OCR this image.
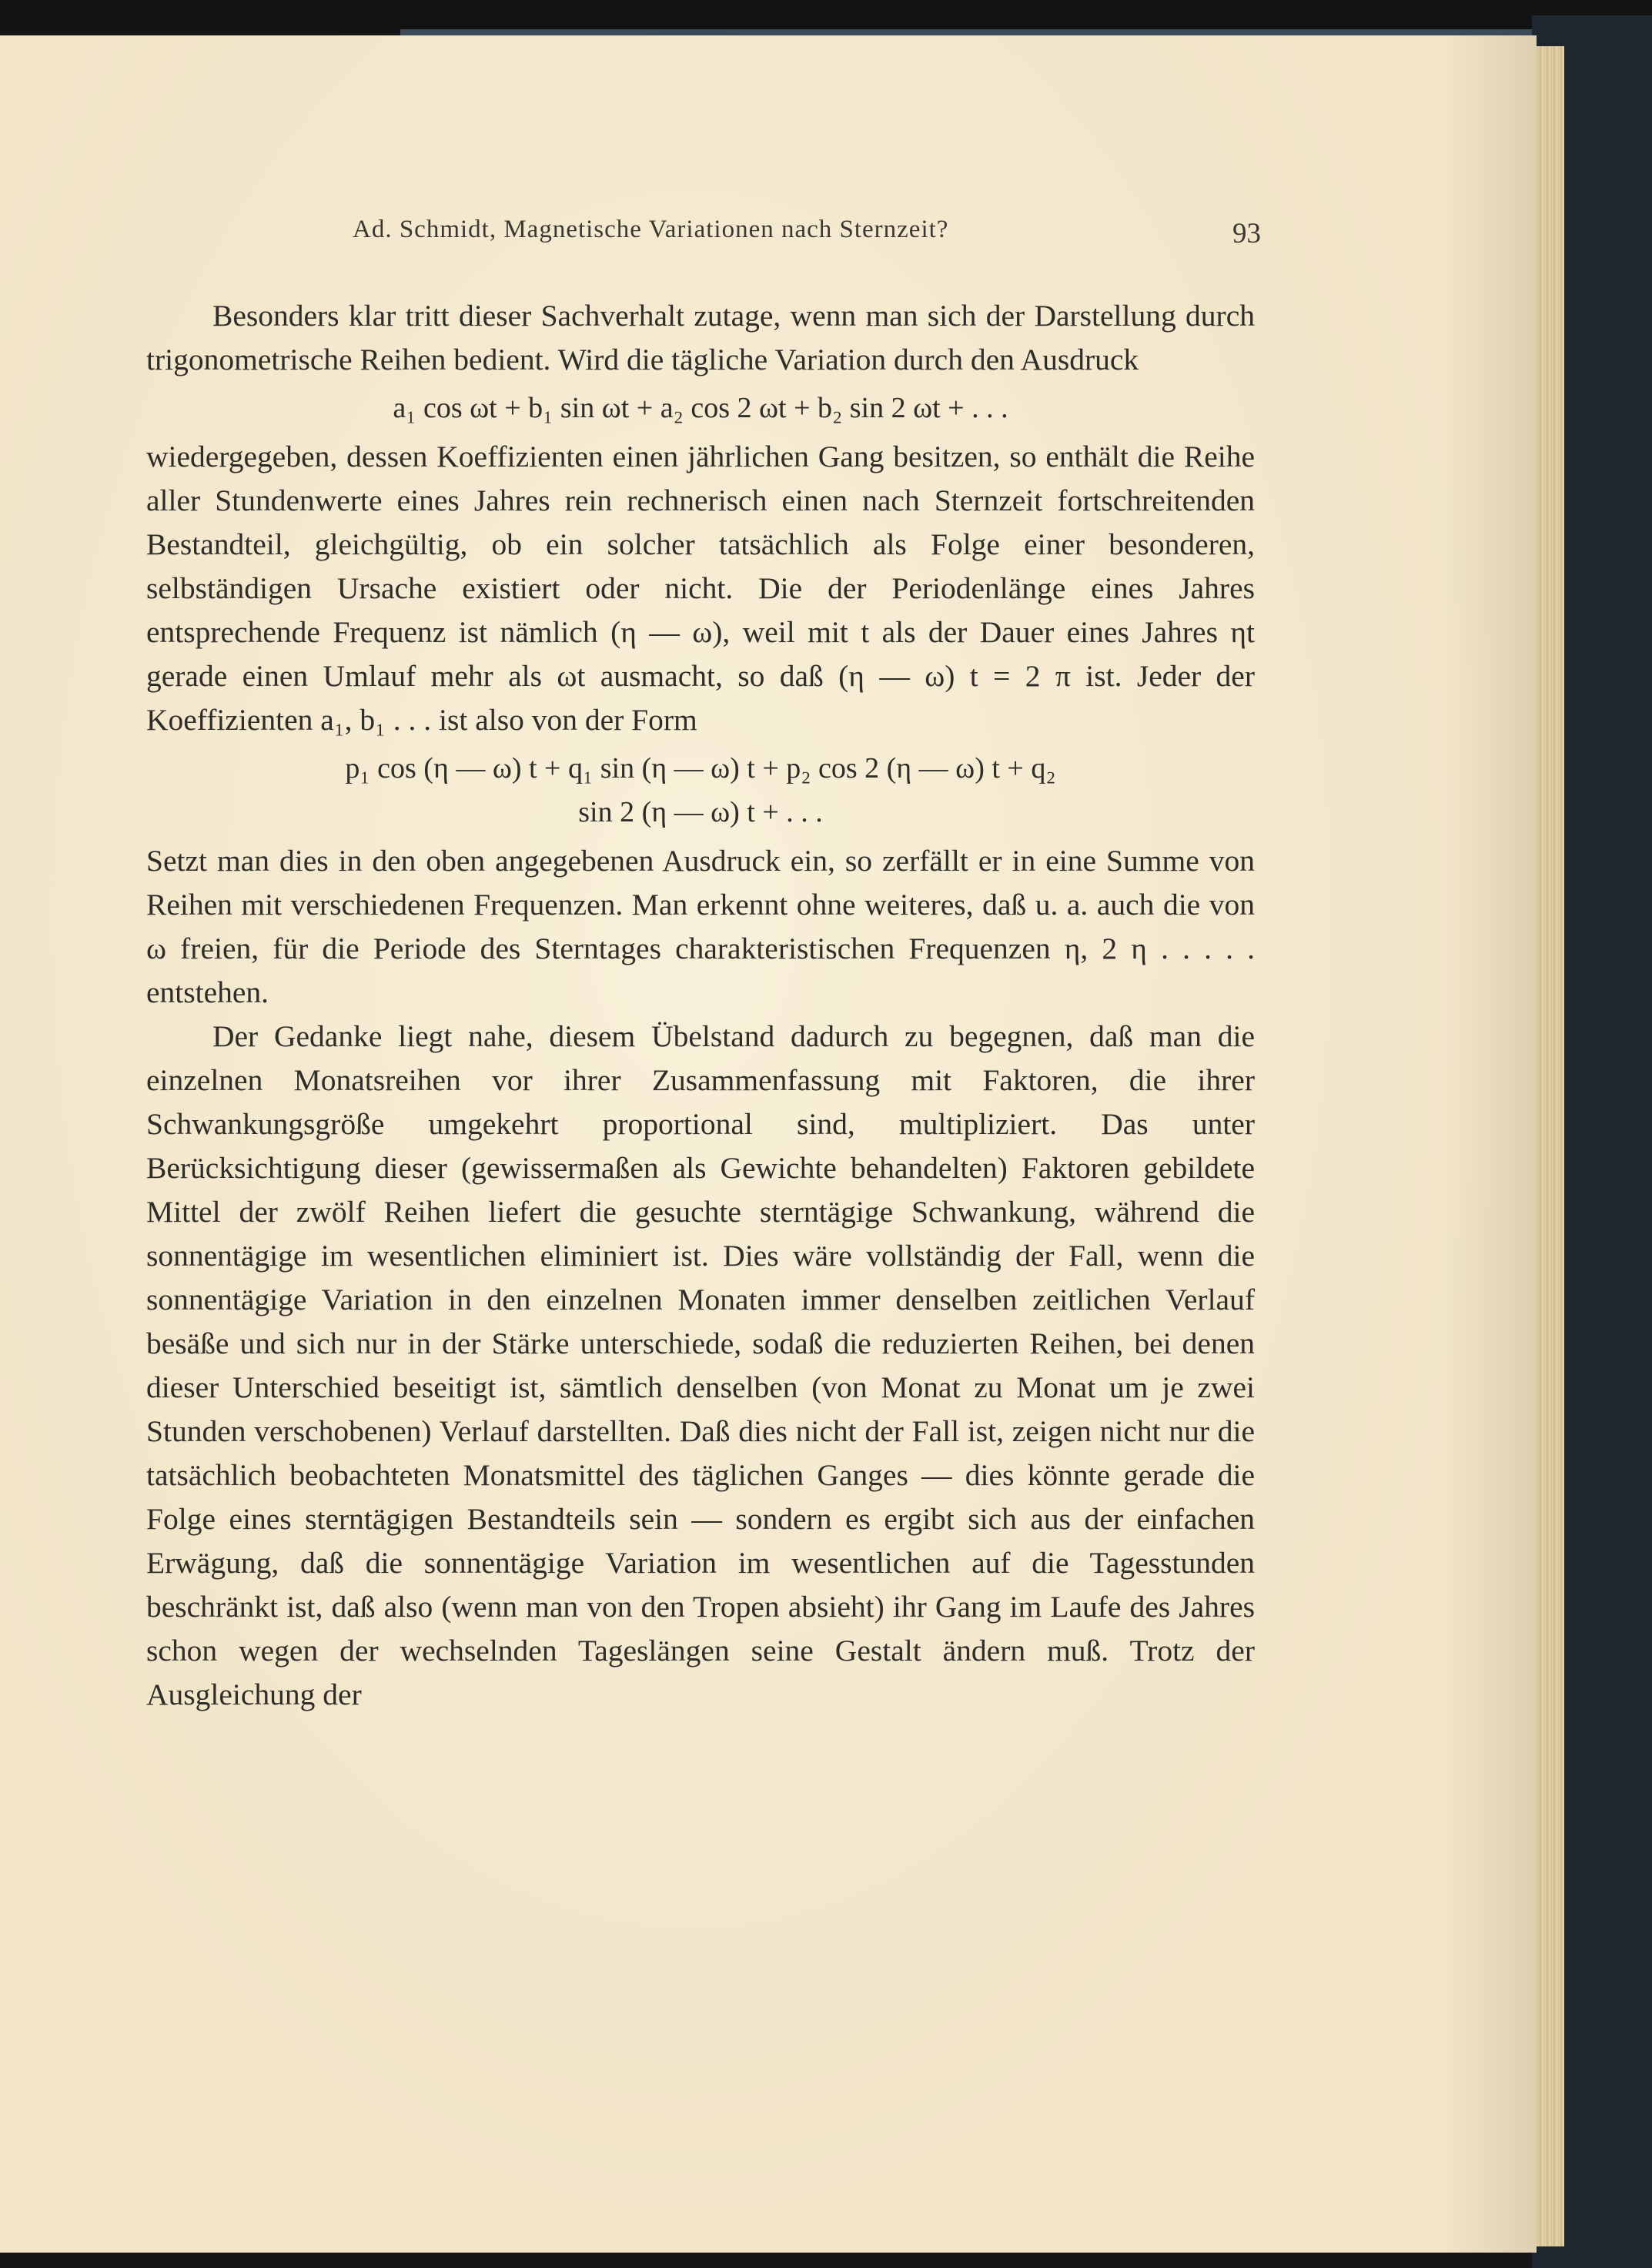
Ad. Schmidt, Magnetische Variationen nach Sternzeit?	93

Besonders klar tritt dieser Sachverhalt zutage, wenn man sich der Darstellung durch trigonometrische Reihen bedient. Wird die tägliche Variation durch den Ausdruck

a₁ cos ωt + b₁ sin ωt + a₂ cos 2 ωt + b₂ sin 2 ωt + . . .

wiedergegeben, dessen Koeffizienten einen jährlichen Gang besitzen, so enthält die Reihe aller Stundenwerte eines Jahres rein rechnerisch einen nach Sternzeit fortschreitenden Bestandteil, gleichgültig, ob ein solcher tatsächlich als Folge einer besonderen, selbständigen Ursache existiert oder nicht. Die der Periodenlänge eines Jahres entsprechende Frequenz ist nämlich (η — ω), weil mit t als der Dauer eines Jahres ηt gerade einen Umlauf mehr als ωt ausmacht, so daß (η — ω) t = 2 π ist. Jeder der Koeffizienten a₁, b₁ . . . ist also von der Form

p₁ cos (η — ω) t + q₁ sin (η — ω) t + p₂ cos 2 (η — ω) t + q₂

sin 2 (η — ω) t + . . .

Setzt man dies in den oben angegebenen Ausdruck ein, so zerfällt er in eine Summe von Reihen mit verschiedenen Frequenzen. Man erkennt ohne weiteres, daß u. a. auch die von ω freien, für die Periode des Sterntages charakteristischen Frequenzen η, 2 η . . . . . entstehen.

Der Gedanke liegt nahe, diesem Übelstand dadurch zu begegnen, daß man die einzelnen Monatsreihen vor ihrer Zusammenfassung mit Faktoren, die ihrer Schwankungsgröße umgekehrt proportional sind, multipliziert. Das unter Berücksichtigung dieser (gewissermaßen als Gewichte behandelten) Faktoren gebildete Mittel der zwölf Reihen liefert die gesuchte sterntägige Schwankung, während die sonnentägige im wesentlichen eliminiert ist. Dies wäre vollständig der Fall, wenn die sonnentägige Variation in den einzelnen Monaten immer denselben zeitlichen Verlauf besäße und sich nur in der Stärke unterschiede, sodaß die reduzierten Reihen, bei denen dieser Unterschied beseitigt ist, sämtlich denselben (von Monat zu Monat um je zwei Stunden verschobenen) Verlauf darstellten. Daß dies nicht der Fall ist, zeigen nicht nur die tatsächlich beobachteten Monatsmittel des täglichen Ganges — dies könnte gerade die Folge eines sterntägigen Bestandteils sein — sondern es ergibt sich aus der einfachen Erwägung, daß die sonnentägige Variation im wesentlichen auf die Tagesstunden beschränkt ist, daß also (wenn man von den Tropen absieht) ihr Gang im Laufe des Jahres schon wegen der wechselnden Tageslängen seine Gestalt ändern muß. Trotz der Ausgleichung der
